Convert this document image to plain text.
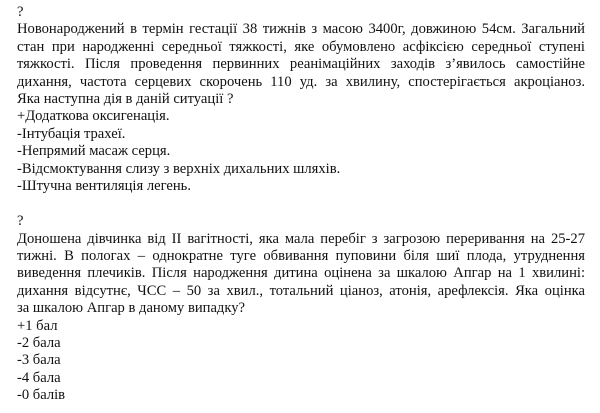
?
Новонароджений в термін гестації 38 тижнів з масою 3400г, довжиною 54см. Загальний
стан при народженні середньої тяжкості, яке обумовлено асфіксією середньої ступені
тяжкості. Після проведення первинних реанімаційних заходів з’явилось самостійне
дихання, частота серцевих скорочень 110 уд. за хвилину, спостерігається акроціаноз.
Яка наступна дія в даній ситуації ?
+Додаткова оксигенація.
-Інтубація трахеї.
-Непрямий масаж серця.
-Відсмоктування слизу з верхніх дихальних шляхів.
-Штучна вентиляція легень.
?
Доношена дівчинка від II вагітності, яка мала перебіг з загрозою переривання на 25-27
тижні. В пологах – однократне туге обвивання пуповини біля шиї плода, утруднення
виведення плечиків. Після народження дитина оцінена за шкалою Апгар на 1 хвилині:
дихання відсутнє, ЧСС – 50 за хвил., тотальний ціаноз, атонія, арефлексія. Яка оцінка
за шкалою Апгар в даному випадку?
+1 бал
-2 бала
-3 бала
-4 бала
-0 балів
